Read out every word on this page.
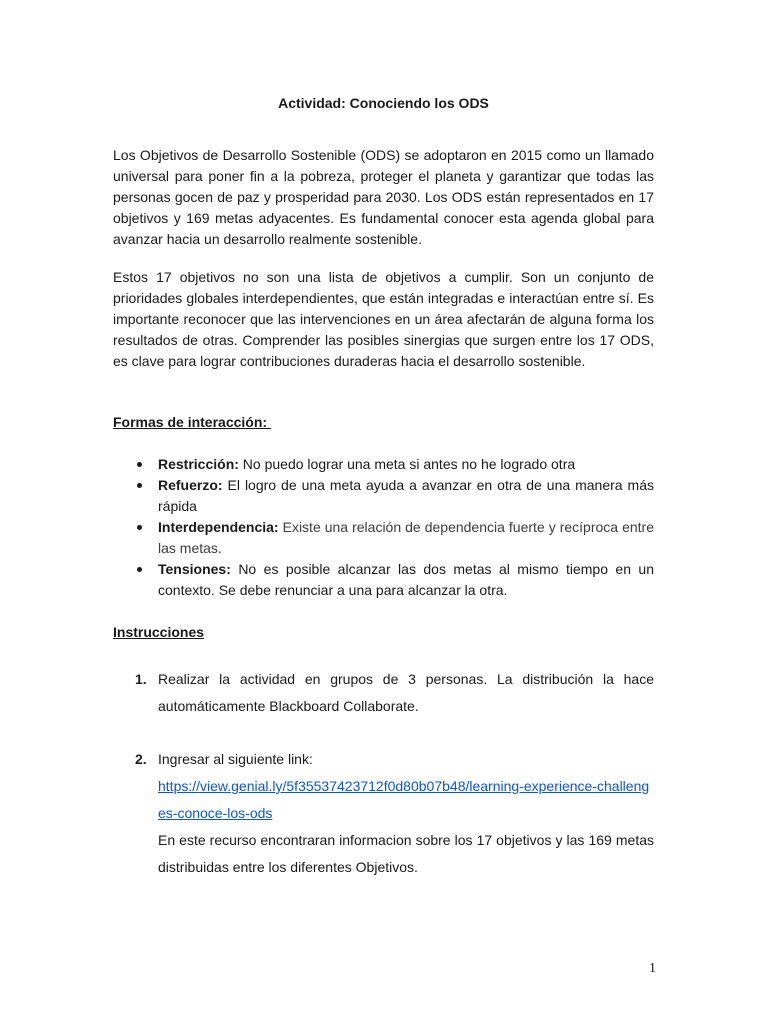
Actividad: Conociendo los ODS

Los Objetivos de Desarrollo Sostenible (ODS) se adoptaron en 2015 como un llamado universal para poner fin a la pobreza, proteger el planeta y garantizar que todas las personas gocen de paz y prosperidad para 2030. Los ODS están representados en 17 objetivos y 169 metas adyacentes. Es fundamental conocer esta agenda global para avanzar hacia un desarrollo realmente sostenible.

Estos 17 objetivos no son una lista de objetivos a cumplir. Son un conjunto de prioridades globales interdependientes, que están integradas e interactúan entre sí. Es importante reconocer que las intervenciones en un área afectarán de alguna forma los resultados de otras. Comprender las posibles sinergias que surgen entre los 17 ODS, es clave para lograr contribuciones duraderas hacia el desarrollo sostenible.

Formas de interacción:
Restricción: No puedo lograr una meta si antes no he logrado otra
Refuerzo: El logro de una meta ayuda a avanzar en otra de una manera más rápida
Interdependencia: Existe una relación de dependencia fuerte y recíproca entre las metas.
Tensiones: No es posible alcanzar las dos metas al mismo tiempo en un contexto. Se debe renunciar a una para alcanzar la otra.
Instrucciones
1. Realizar la actividad en grupos de 3 personas. La distribución la hace automáticamente Blackboard Collaborate.
2. Ingresar al siguiente link:
https://view.genial.ly/5f35537423712f0d80b07b48/learning-experience-challenges-conoce-los-ods
En este recurso encontraran informacion sobre los 17 objetivos y las 169 metas distribuidas entre los diferentes Objetivos.
1
